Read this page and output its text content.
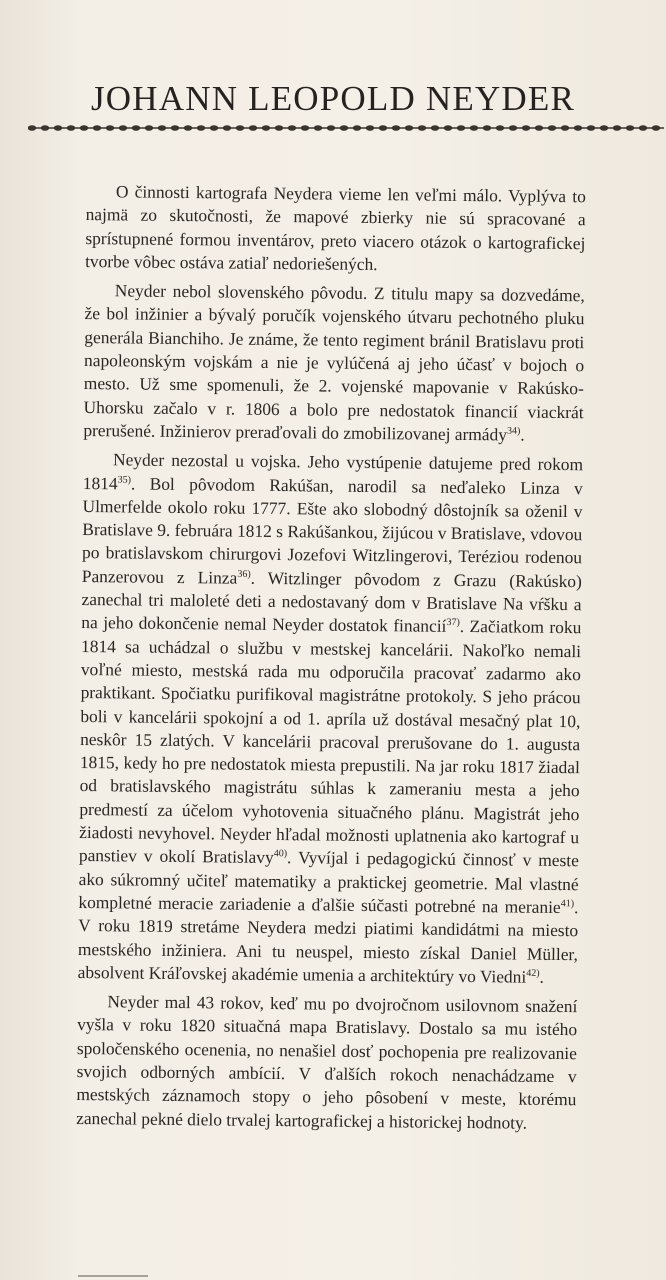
JOHANN LEOPOLD NEYDER

O činnosti kartografa Neydera vieme len veľmi málo. Vyplýva to najmä zo skutočnosti, že mapové zbierky nie sú spracované a sprístupnené formou inventárov, preto viacero otázok o kartografickej tvorbe vôbec ostáva zatiaľ nedoriešených.

Neyder nebol slovenského pôvodu. Z titulu mapy sa dozvedáme, že bol inžinier a bývalý poručík vojenského útvaru pechotného pluku generála Bianchiho. Je známe, že tento regiment bránil Bratislavu proti napoleonským vojskám a nie je vylúčená aj jeho účasť v bojoch o mesto. Už sme spomenuli, že 2. vojenské mapovanie v Rakúsko-Uhorsku začalo v r. 1806 a bolo pre nedostatok financií viackrát prerušené. Inžinierov preraďovali do zmobilizovanej armády$^{34)}$.

Neyder nezostal u vojska. Jeho vystúpenie datujeme pred rokom 1814$^{35)}$. Bol pôvodom Rakúšan, narodil sa neďaleko Linza v Ulmerfelde okolo roku 1777. Ešte ako slobodný dôstojník sa oženil v Bratislave 9. februára 1812 s Rakúšankou, žijúcou v Bratislave, vdovou po bratislavskom chirurgovi Jozefovi Witzlingerovi, Teréziou rodenou Panzerovou z Linza$^{36)}$. Witzlinger pôvodom z Grazu (Rakúsko) zanechal tri maloleté deti a nedostavaný dom v Bratislave Na vŕšku a na jeho dokončenie nemal Neyder dostatok financií$^{37)}$. Začiatkom roku 1814 sa uchádzal o službu v mestskej kancelárii. Nakoľko nemali voľné miesto, mestská rada mu odporučila pracovať zadarmo ako praktikant. Spočiatku purifikoval magistrátne protokoly. S jeho prácou boli v kancelárii spokojní a od 1. apríla už dostával mesačný plat 10, neskôr 15 zlatých. V kancelárii pracoval prerušovane do 1. augusta 1815, kedy ho pre nedostatok miesta prepustili. Na jar roku 1817 žiadal od bratislavského magistrátu súhlas k zameraniu mesta a jeho predmestí za účelom vyhotovenia situačného plánu. Magistrát jeho žiadosti nevyhovel. Neyder hľadal možnosti uplatnenia ako kartograf u panstiev v okolí Bratislavy$^{40)}$. Vyvíjal i pedagogickú činnosť v meste ako súkromný učiteľ matematiky a praktickej geometrie. Mal vlastné kompletné meracie zariadenie a ďalšie súčasti potrebné na meranie$^{41)}$. V roku 1819 stretáme Neydera medzi piatimi kandidátmi na miesto mestského inžiniera. Ani tu neuspel, miesto získal Daniel Müller, absolvent Kráľovskej akadémie umenia a architektúry vo Viedni$^{42)}$.

Neyder mal 43 rokov, keď mu po dvojročnom usilovnom snažení vyšla v roku 1820 situačná mapa Bratislavy. Dostalo sa mu istého spoločenského ocenenia, no nenašiel dosť pochopenia pre realizovanie svojich odborných ambícií. V ďalších rokoch nenachádzame v mestských záznamoch stopy o jeho pôsobení v meste, ktorému zanechal pekné dielo trvalej kartografickej a historickej hodnoty.
